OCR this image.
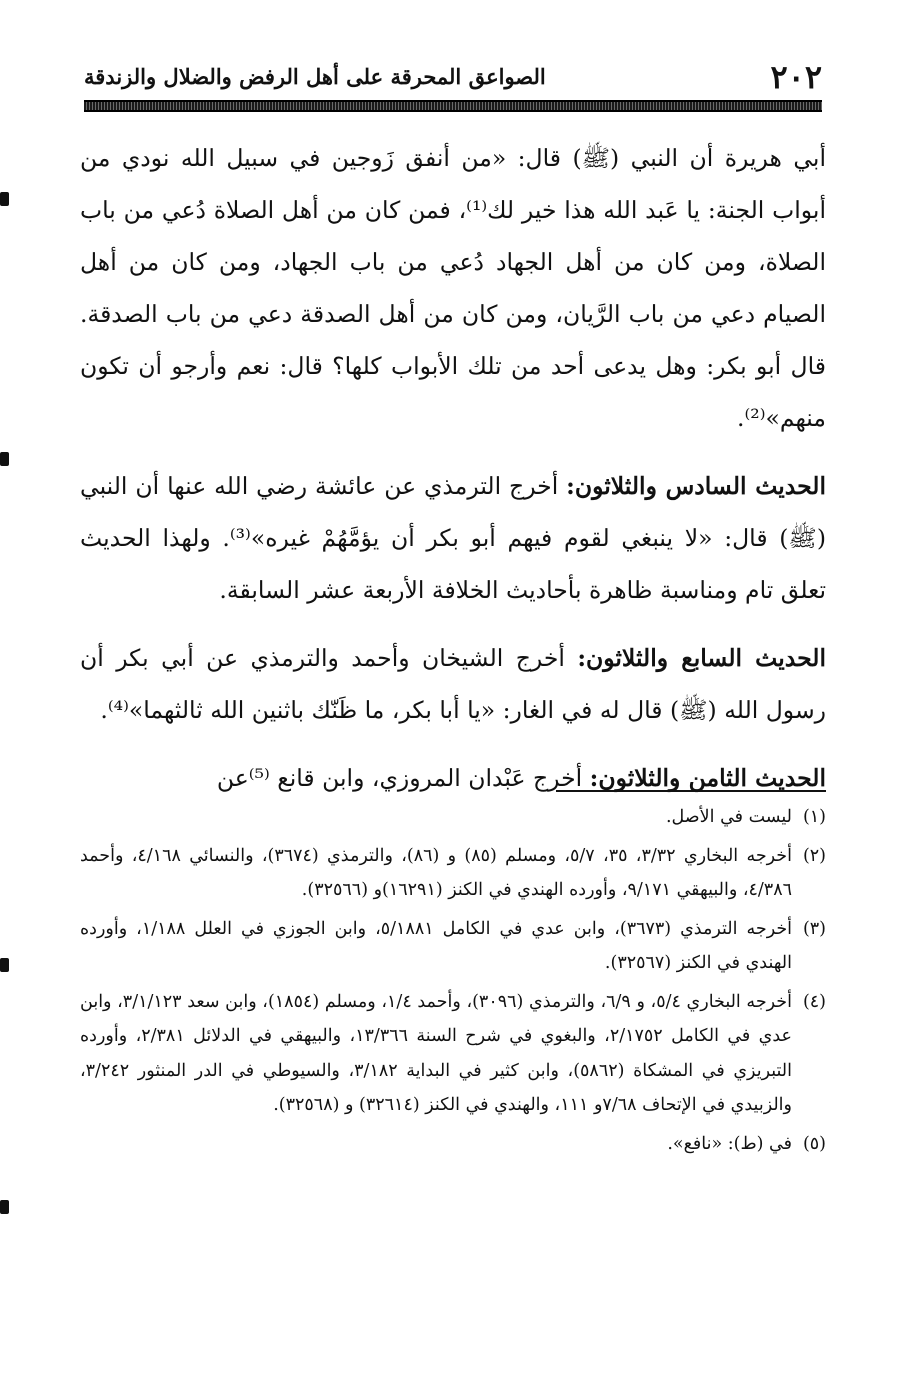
٢٠٢
الصواعق المحرقة على أهل الرفض والضلال والزندقة

أبي هريرة أن النبي (ﷺ) قال: «من أنفق زَوجين في سبيل الله نودي من أبواب الجنة: يا عَبد الله هذا خير لك⁽¹⁾، فمن كان من أهل الصلاة دُعي من باب الصلاة، ومن كان من أهل الجهاد دُعي من باب الجهاد، ومن كان من أهل الصيام دعي من باب الرَّيان، ومن كان من أهل الصدقة دعي من باب الصدقة. قال أبو بكر: وهل يدعى أحد من تلك الأبواب كلها؟ قال: نعم وأرجو أن تكون منهم»⁽²⁾.

الحديث السادس والثلاثون: أخرج الترمذي عن عائشة رضي الله عنها أن النبي (ﷺ) قال: «لا ينبغي لقوم فيهم أبو بكر أن يؤمَّهُمْ غيره»⁽³⁾. ولهذا الحديث تعلق تام ومناسبة ظاهرة بأحاديث الخلافة الأربعة عشر السابقة.

الحديث السابع والثلاثون: أخرج الشيخان وأحمد والترمذي عن أبي بكر أن رسول الله (ﷺ) قال له في الغار: «يا أبا بكر، ما ظَنّك باثنين الله ثالثهما»⁽⁴⁾.

الحديث الثامن والثلاثون: أخرج عَبْدان المروزي، وابن قانع ⁽⁵⁾عن

(١)
ليست في الأصل.
(٢)
أخرجه البخاري ٣/٣٢، ٣٥، ٥/٧، ومسلم (٨٥) و (٨٦)، والترمذي (٣٦٧٤)، والنسائي ٤/١٦٨، وأحمد ٤/٣٨٦، والبيهقي ٩/١٧١، وأورده الهندي في الكنز (١٦٢٩١)و (٣٢٥٦٦).
(٣)
أخرجه الترمذي (٣٦٧٣)، وابن عدي في الكامل ٥/١٨٨١، وابن الجوزي في العلل ١/١٨٨، وأورده الهندي في الكنز (٣٢٥٦٧).
(٤)
أخرجه البخاري ٥/٤، و ٦/٩، والترمذي (٣٠٩٦)، وأحمد ١/٤، ومسلم (١٨٥٤)، وابن سعد ٣/١/١٢٣، وابن عدي في الكامل ٢/١٧٥٢، والبغوي في شرح السنة ١٣/٣٦٦، والبيهقي في الدلائل ٢/٣٨١، وأورده التبريزي في المشكاة (٥٨٦٢)، وابن كثير في البداية ٣/١٨٢، والسيوطي في الدر المنثور ٣/٢٤٢، والزبيدي في الإتحاف ٧/٦٨و ١١١، والهندي في الكنز (٣٢٦١٤) و (٣٢٥٦٨).
(٥)
في (ط): «نافع».
